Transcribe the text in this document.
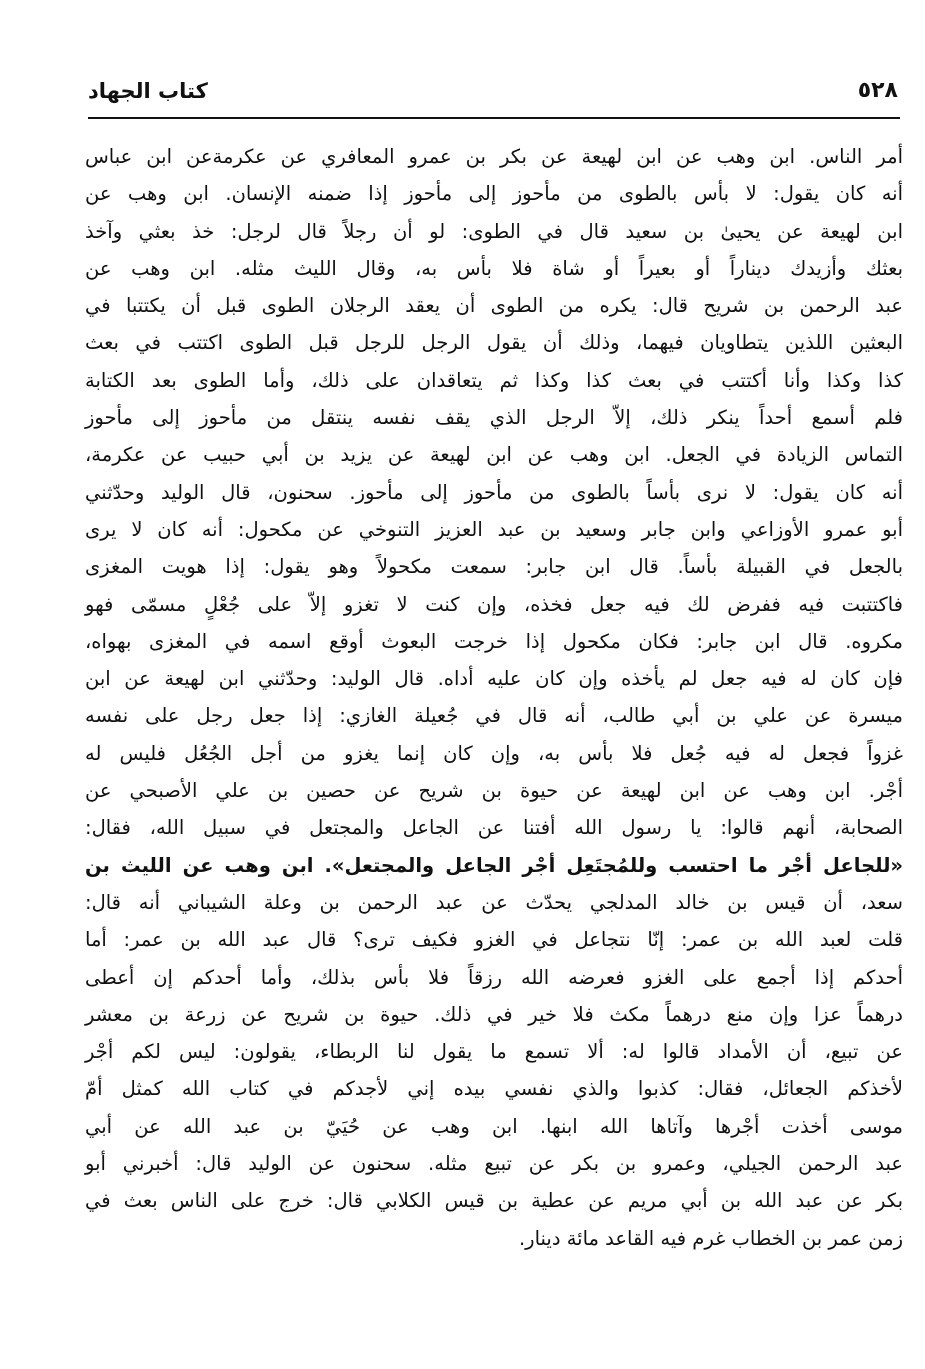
٥٢٨
كتاب الجهاد
أمر الناس. ابن وهب عن ابن لهيعة عن بكر بن عمرو المعافري عن عكرمةعن ابن عباس
أنه كان يقول: لا بأس بالطوى من مأحوز إلى مأحوز إذا ضمنه الإنسان. ابن وهب عن
ابن لهيعة عن يحيىٰ بن سعيد قال في الطوى: لو أن رجلاً قال لرجل: خذ بعثي وآخذ
بعثك وأزيدك ديناراً أو بعيراً أو شاة فلا بأس به، وقال الليث مثله. ابن وهب عن
عبد الرحمن بن شريح قال: يكره من الطوى أن يعقد الرجلان الطوى قبل أن يكتتبا في
البعثين اللذين يتطاويان فيهما، وذلك أن يقول الرجل للرجل قبل الطوى اكتتب في بعث
كذا وكذا وأنا أكتتب في بعث كذا وكذا ثم يتعاقدان على ذلك، وأما الطوى بعد الكتابة
فلم أسمع أحداً ينكر ذلك، إلاّ الرجل الذي يقف نفسه ينتقل من مأحوز إلى مأحوز
التماس الزيادة في الجعل. ابن وهب عن ابن لهيعة عن يزيد بن أبي حبيب عن عكرمة،
أنه كان يقول: لا نرى بأساً بالطوى من مأحوز إلى مأحوز. سحنون، قال الوليد وحدّثني
أبو عمرو الأوزاعي وابن جابر وسعيد بن عبد العزيز التنوخي عن مكحول: أنه كان لا يرى
بالجعل في القبيلة بأساً. قال ابن جابر: سمعت مكحولاً وهو يقول: إذا هويت المغزى
فاكتتبت فيه ففرض لك فيه جعل فخذه، وإن كنت لا تغزو إلاّ على جُعْلٍ مسمّى فهو
مكروه. قال ابن جابر: فكان مكحول إذا خرجت البعوث أوقع اسمه في المغزى بهواه،
فإن كان له فيه جعل لم يأخذه وإن كان عليه أداه. قال الوليد: وحدّثني ابن لهيعة عن ابن
ميسرة عن علي بن أبي طالب، أنه قال في جُعيلة الغازي: إذا جعل رجل على نفسه
غزواً فجعل له فيه جُعل فلا بأس به، وإن كان إنما يغزو من أجل الجُعُل فليس له
أجْر. ابن وهب عن ابن لهيعة عن حيوة بن شريح عن حصين بن علي الأصبحي عن
الصحابة، أنهم قالوا: يا رسول الله أفتنا عن الجاعل والمجتعل في سبيل الله، فقال:
«للجاعل أجْر ما احتسب وللمُجتَعِل أجْر الجاعل والمجتعل». ابن وهب عن الليث بن
سعد، أن قيس بن خالد المدلجي يحدّث عن عبد الرحمن بن وعلة الشيباني أنه قال:
قلت لعبد الله بن عمر: إنّا نتجاعل في الغزو فكيف ترى؟ قال عبد الله بن عمر: أما
أحدكم إذا أجمع على الغزو فعرضه الله رزقاً فلا بأس بذلك، وأما أحدكم إن أعطى
درهماً عزا وإن منع درهماً مكث فلا خير في ذلك. حيوة بن شريح عن زرعة بن معشر
عن تبيع، أن الأمداد قالوا له: ألا تسمع ما يقول لنا الربطاء، يقولون: ليس لكم أجْر
لأخذكم الجعائل، فقال: كذبوا والذي نفسي بيده إني لأجدكم في كتاب الله كمثل أمّ
موسى أخذت أجْرها وآتاها الله ابنها. ابن وهب عن حُيَيّ بن عبد الله عن أبي
عبد الرحمن الجيلي، وعمرو بن بكر عن تبيع مثله. سحنون عن الوليد قال: أخبرني أبو
بكر عن عبد الله بن أبي مريم عن عطية بن قيس الكلابي قال: خرج على الناس بعث في
زمن عمر بن الخطاب غرم فيه القاعد مائة دينار.
